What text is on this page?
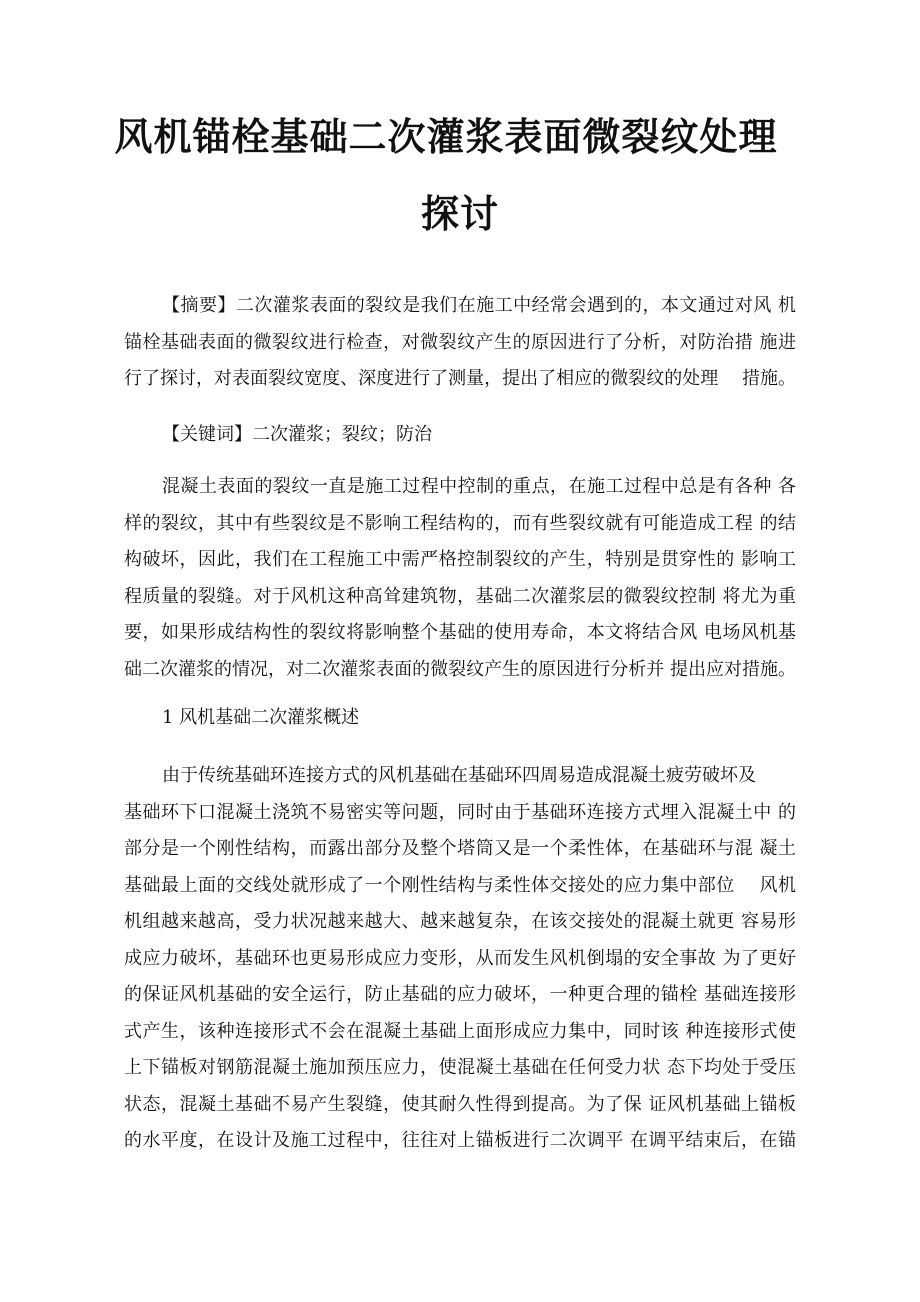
风机锚栓基础二次灌浆表面微裂纹处理
探讨
【摘要】二次灌浆表面的裂纹是我们在施工中经常会遇到的，本文通过对风 机
锚栓基础表面的微裂纹进行检查，对微裂纹产生的原因进行了分析，对防治措 施进
行了探讨，对表面裂纹宽度、深度进行了测量，提出了相应的微裂纹的处理　 措施。
【关键词】二次灌浆；裂纹；防治
混凝土表面的裂纹一直是施工过程中控制的重点，在施工过程中总是有各种 各
样的裂纹，其中有些裂纹是不影响工程结构的，而有些裂纹就有可能造成工程 的结
构破坏，因此，我们在工程施工中需严格控制裂纹的产生，特别是贯穿性的 影响工
程质量的裂缝。对于风机这种高耸建筑物，基础二次灌浆层的微裂纹控制 将尤为重
要，如果形成结构性的裂纹将影响整个基础的使用寿命，本文将结合风 电场风机基
础二次灌浆的情况，对二次灌浆表面的微裂纹产生的原因进行分析并 提出应对措施。
1 风机基础二次灌浆概述
由于传统基础环连接方式的风机基础在基础环四周易造成混凝土疲劳破坏及
基础环下口混凝土浇筑不易密实等问题，同时由于基础环连接方式埋入混凝土中 的
部分是一个刚性结构，而露出部分及整个塔筒又是一个柔性体，在基础环与混 凝土
基础最上面的交线处就形成了一个刚性结构与柔性体交接处的应力集中部位　 风机
机组越来越高，受力状况越来越大、越来越复杂，在该交接处的混凝土就更 容易形
成应力破坏，基础环也更易形成应力变形，从而发生风机倒塌的安全事故 为了更好
的保证风机基础的安全运行，防止基础的应力破坏，一种更合理的锚栓 基础连接形
式产生，该种连接形式不会在混凝土基础上面形成应力集中，同时该 种连接形式使
上下锚板对钢筋混凝土施加预压应力，使混凝土基础在任何受力状 态下均处于受压
状态，混凝土基础不易产生裂缝，使其耐久性得到提高。为了保 证风机基础上锚板
的水平度，在设计及施工过程中，往往对上锚板进行二次调平 在调平结束后，在锚
